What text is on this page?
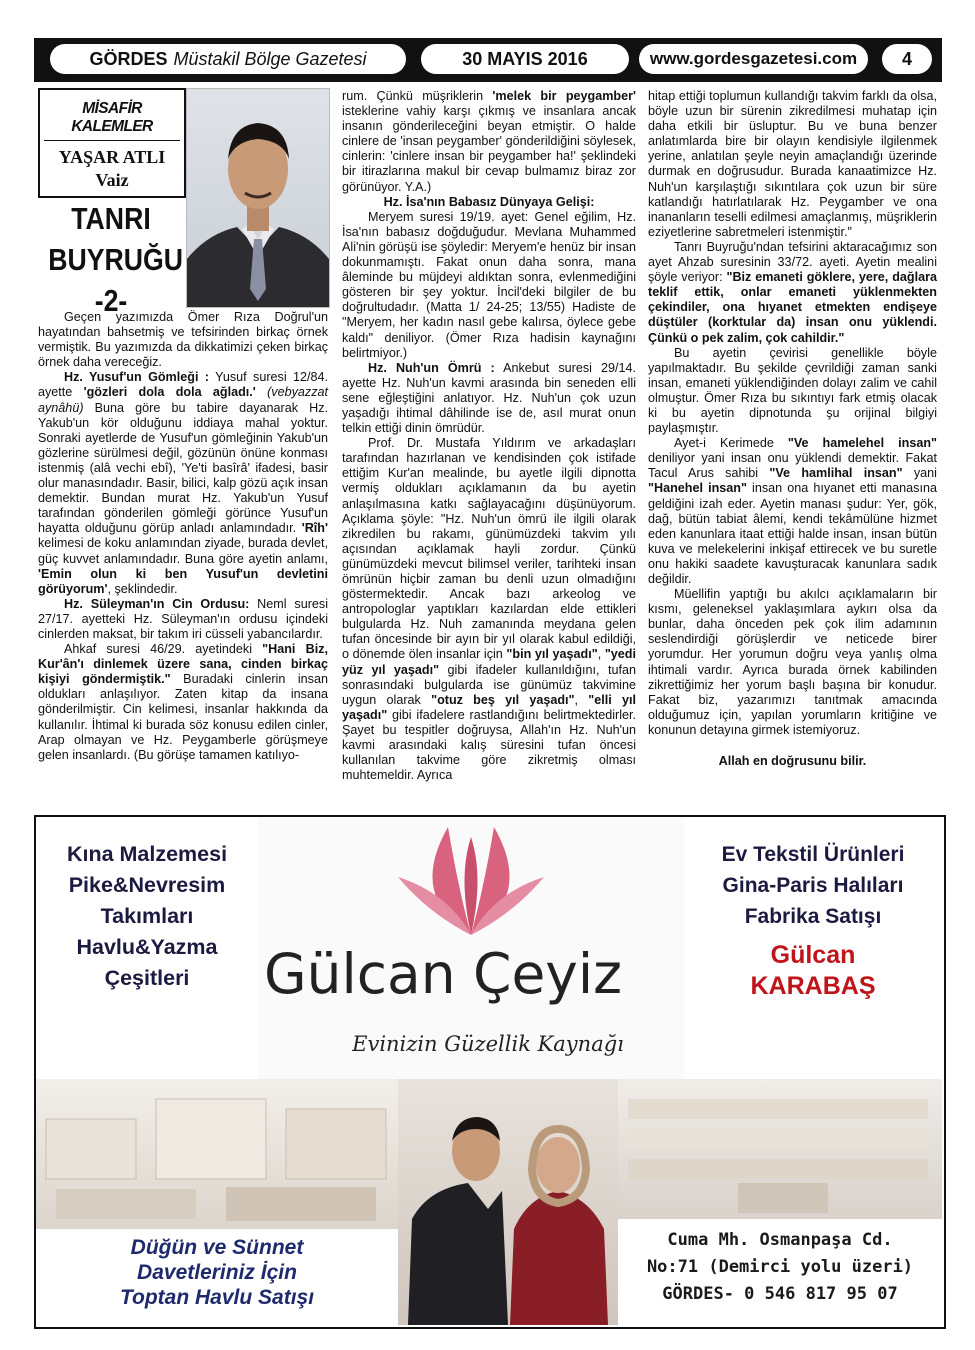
GÖRDES Müstakil Bölge Gazetesi	30 MAYIS 2016	www.gordesgazetesi.com	4
MİSAFİR KALEMLER
YAŞAR ATLI
Vaiz
TANRI
BUYRUĞU
-2-

Geçen yazımızda Ömer Rıza Doğrul'un hayatından bahsetmiş ve tefsirinden birkaç örnek vermiştik. Bu yazımızda da dikkatimizi çeken birkaç örnek daha vereceğiz.

Hz. Yusuf'un Gömleği : Yusuf suresi 12/84. ayette 'gözleri dola dola ağladı.' (vebyazzat aynâhü) Buna göre bu tabire dayanarak Hz. Yakub'un kör olduğunu iddiaya mahal yoktur. Sonraki ayetlerde de Yusuf'un gömleğinin Yakub'un gözlerine sürülmesi değil, gözünün önüne konması istenmiş (alâ vechi ebî), 'Ye'ti basîrâ' ifadesi, basir olur manasındadır. Basir, bilici, kalp gözü açık insan demektir. Bundan murat Hz. Yakub'un Yusuf tarafından gönderilen gömleği görünce Yusuf'un hayatta olduğunu görüp anladı anlamındadır. 'Rîh' kelimesi de koku anlamından ziyade, burada devlet, güç kuvvet anlamındadır. Buna göre ayetin anlamı, 'Emin olun ki ben Yusuf'un devletini görüyorum', şeklindedir.

Hz. Süleyman'ın Cin Ordusu: Neml suresi 27/17. ayetteki Hz. Süleyman'ın ordusu içindeki cinlerden maksat, bir takım iri cüsseli yabancılardır.

Ahkaf suresi 46/29. ayetindeki "Hani Biz, Kur'ân'ı dinlemek üzere sana, cinden birkaç kişiyi göndermiştik." Buradaki cinlerin insan oldukları anlaşılıyor. Zaten kitap da insana gönderilmiştir. Cin kelimesi, insanlar hakkında da kullanılır. İhtimal ki burada söz konusu edilen cinler, Arap olmayan ve Hz. Peygamberle görüşmeye gelen insanlardı. (Bu görüşe tamamen katılıyo-

rum. Çünkü müşriklerin 'melek bir peygamber' isteklerine vahiy karşı çıkmış ve insanlara ancak insanın gönderileceğini beyan etmiştir. O halde cinlere de 'insan peygamber' gönderildiğini söylesek, cinlerin: 'cinlere insan bir peygamber ha!' şeklindeki bir itirazlarına makul bir cevap bulmamız biraz zor görünüyor. Y.A.)

Hz. İsa'nın Babasız Dünyaya Gelişi:

Meryem suresi 19/19. ayet: Genel eğilim, Hz. İsa'nın babasız doğduğudur. Mevlana Muhammed Ali'nin görüşü ise şöyledir: Meryem'e henüz bir insan dokunmamıştı. Fakat onun daha sonra, mana âleminde bu müjdeyi aldıktan sonra, evlenmediğini gösteren bir şey yoktur. İncil'deki bilgiler de bu doğrultudadır. (Matta 1/ 24-25; 13/55) Hadiste de "Meryem, her kadın nasıl gebe kalırsa, öylece gebe kaldı" deniliyor. (Ömer Rıza hadisin kaynağını belirtmiyor.)

Hz. Nuh'un Ömrü : Ankebut suresi 29/14. ayette Hz. Nuh'un kavmi arasında bin seneden elli sene eğleştiğini anlatıyor. Hz. Nuh'un çok uzun yaşadığı ihtimal dâhilinde ise de, asıl murat onun telkin ettiği dinin ömrüdür.

Prof. Dr. Mustafa Yıldırım ve arkadaşları tarafından hazırlanan ve kendisinden çok istifade ettiğim Kur'an mealinde, bu ayetle ilgili dipnotta vermiş oldukları açıklamanın da bu ayetin anlaşılmasına katkı sağlayacağını düşünüyorum. Açıklama şöyle: "Hz. Nuh'un ömrü ile ilgili olarak zikredilen bu rakamı, günümüzdeki takvim yılı açısından açıklamak hayli zordur. Çünkü günümüzdeki mevcut bilimsel veriler, tarihteki insan ömrünün hiçbir zaman bu denli uzun olmadığını göstermektedir. Ancak bazı arkeolog ve antropologlar yaptıkları kazılardan elde ettikleri bulgularda Hz. Nuh zamanında meydana gelen tufan öncesinde bir ayın bir yıl olarak kabul edildiği, o dönemde ölen insanlar için "bin yıl yaşadı", "yedi yüz yıl yaşadı" gibi ifadeler kullanıldığını, tufan sonrasındaki bulgularda ise günümüz takvimine uygun olarak "otuz beş yıl yaşadı", "elli yıl yaşadı" gibi ifadelere rastlandığını belirtmektedirler. Şayet bu tespitler doğruysa, Allah'ın Hz. Nuh'un kavmi arasındaki kalış süresini tufan öncesi kullanılan takvime göre zikretmiş olması muhtemeldir. Ayrıca

hitap ettiği toplumun kullandığı takvim farklı da olsa, böyle uzun bir sürenin zikredilmesi muhatap için daha etkili bir üsluptur. Bu ve buna benzer anlatımlarda bire bir olayın kendisiyle ilgilenmek yerine, anlatılan şeyle neyin amaçlandığı üzerinde durmak en doğrusudur. Burada kanaatimizce Hz. Nuh'un karşılaştığı sıkıntılara çok uzun bir süre katlandığı hatırlatılarak Hz. Peygamber ve ona inananların teselli edilmesi amaçlanmış, müşriklerin eziyetlerine sabretmeleri istenmiştir."

Tanrı Buyruğu'ndan tefsirini aktaracağımız son ayet Ahzab suresinin 33/72. ayeti. Ayetin mealini şöyle veriyor: "Biz emaneti göklere, yere, dağlara teklif ettik, onlar emaneti yüklenmekten çekindiler, ona hıyanet etmekten endişeye düştüler (korktular da) insan onu yüklendi. Çünkü o pek zalim, çok cahildir."

Bu ayetin çevirisi genellikle böyle yapılmaktadır. Bu şekilde çevrildiği zaman sanki insan, emaneti yüklendiğinden dolayı zalim ve cahil olmuştur. Ömer Rıza bu sıkıntıyı fark etmiş olacak ki bu ayetin dipnotunda şu orijinal bilgiyi paylaşmıştır.

Ayet-i Kerimede "Ve hamelehel insan" deniliyor yani insan onu yüklendi demektir. Fakat Tacul Arus sahibi "Ve hamlihal insan" yani "Hanehel insan" insan ona hıyanet etti manasına geldiğini izah eder. Ayetin manası şudur: Yer, gök, dağ, bütün tabiat âlemi, kendi tekâmülüne hizmet eden kanunlara itaat ettiği halde insan, insan bütün kuva ve melekelerini inkişaf ettirecek ve bu suretle onu hakiki saadete kavuşturacak kanunlara sadık değildir.

Müellifin yaptığı bu akılcı açıklamaların bir kısmı, geleneksel yaklaşımlara aykırı olsa da bunlar, daha önceden pek çok ilim adamının seslendirdiği görüşlerdir ve neticede birer yorumdur. Her yorumun doğru veya yanlış olma ihtimali vardır. Ayrıca burada örnek kabilinden zikrettiğimiz her yorum başlı başına bir konudur. Fakat biz, yazarımızı tanıtmak amacında olduğumuz için, yapılan yorumların kritiğine ve konunun detayına girmek istemiyoruz.

Allah en doğrusunu bilir.

Kına Malzemesi
Pike&Nevresim
Takımları
Havlu&Yazma
Çeşitleri	Gülcan Çeyiz
Evinizin Güzellik Kaynağı
Ev Tekstil Ürünleri
Gina-Paris Halıları
Fabrika Satışı
Gülcan
KARABAŞ
Düğün ve Sünnet
Davetleriniz İçin
Toptan Havlu Satışı
Cuma Mh. Osmanpaşa Cd.
No:71 (Demirci yolu üzeri)
GÖRDES- 0 546 817 95 07
